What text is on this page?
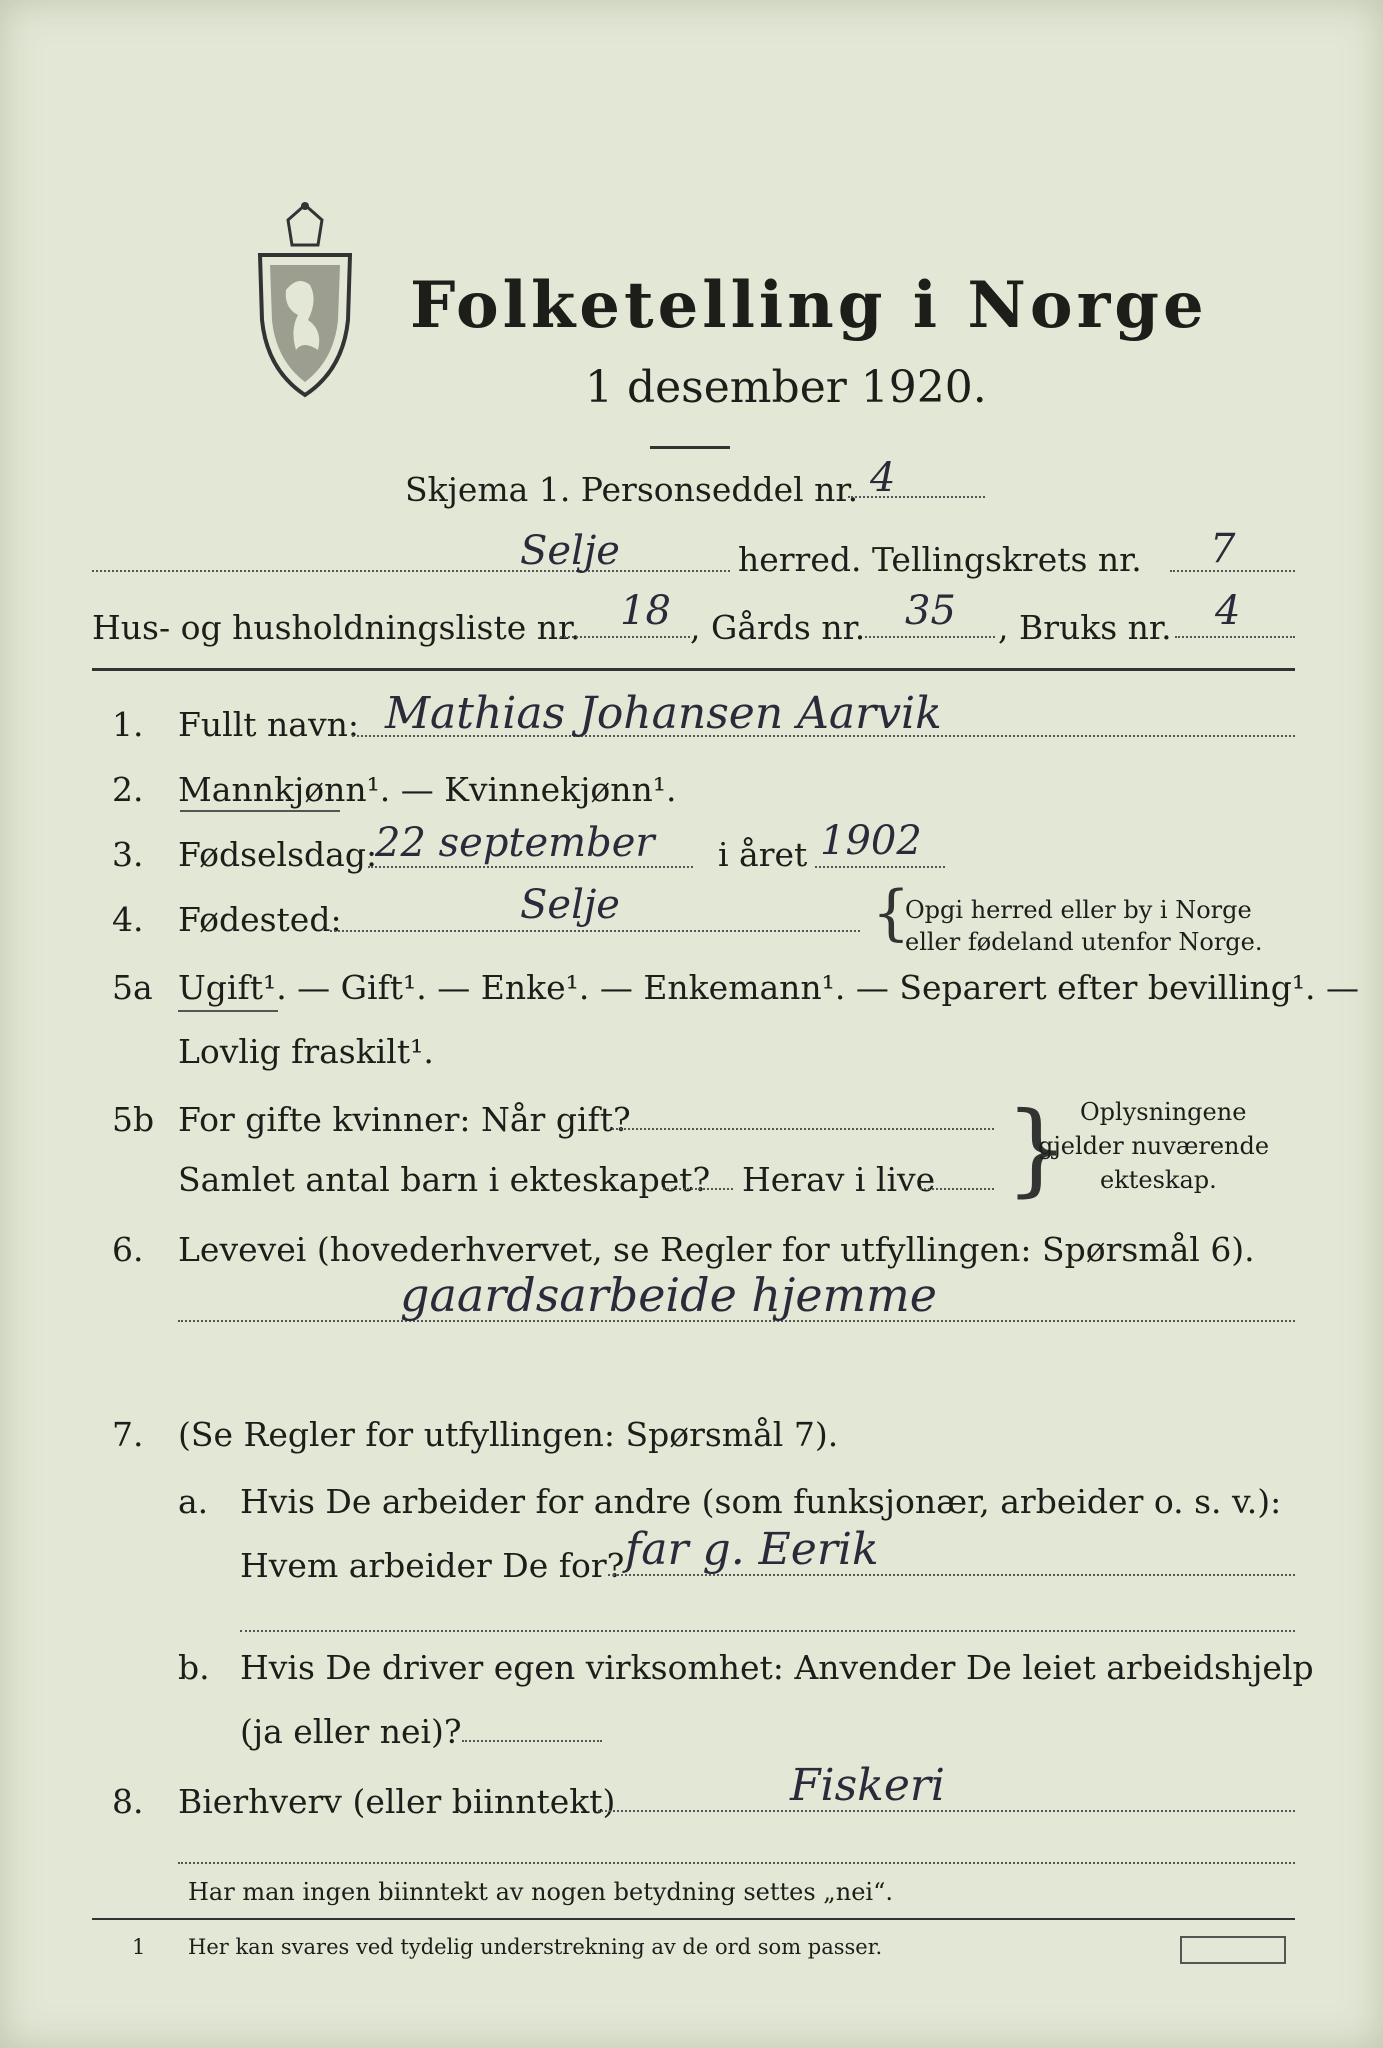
Folketelling i Norge
1 desember 1920.
Skjema 1. Personseddel nr. 4
Selje	herred. Tellingskrets nr. 7
Hus- og husholdningsliste nr. 18 , Gårds nr. 35 , Bruks nr. 4
1. Fullt navn: Mathias Johansen Aarvik
2. Mannkjønn¹. — Kvinnekjønn¹.
3. Fødselsdag:
22 september i året 1902
4. Fødested:	Selje	{
Opgi herred eller by i Norge
eller fødeland utenfor Norge.
5a Ugift¹. — Gift¹. — Enke¹. — Enkemann¹. — Separert efter bevilling¹. —
Lovlig fraskilt¹.
5b For gifte kvinner: Når gift?
Samlet antal barn i ekteskapet? Herav i live } Oplysningene
gjelder nuværende
ekteskap.
6. Levevei (hovederhvervet, se Regler for utfyllingen: Spørsmål 6).
gaardsarbeide hjemme
7. (Se Regler for utfyllingen: Spørsmål 7).
a. Hvis De arbeider for andre (som funksjonær, arbeider o. s. v.):
Hvem arbeider De for? far g. Eerik
b. Hvis De driver egen virksomhet: Anvender De leiet arbeidshjelp
(ja eller nei)?
8. Bierhverv (eller biinntekt)	Fiskeri
Har man ingen biinntekt av nogen betydning settes „nei“.
1 Her kan svares ved tydelig understrekning av de ord som passer.
